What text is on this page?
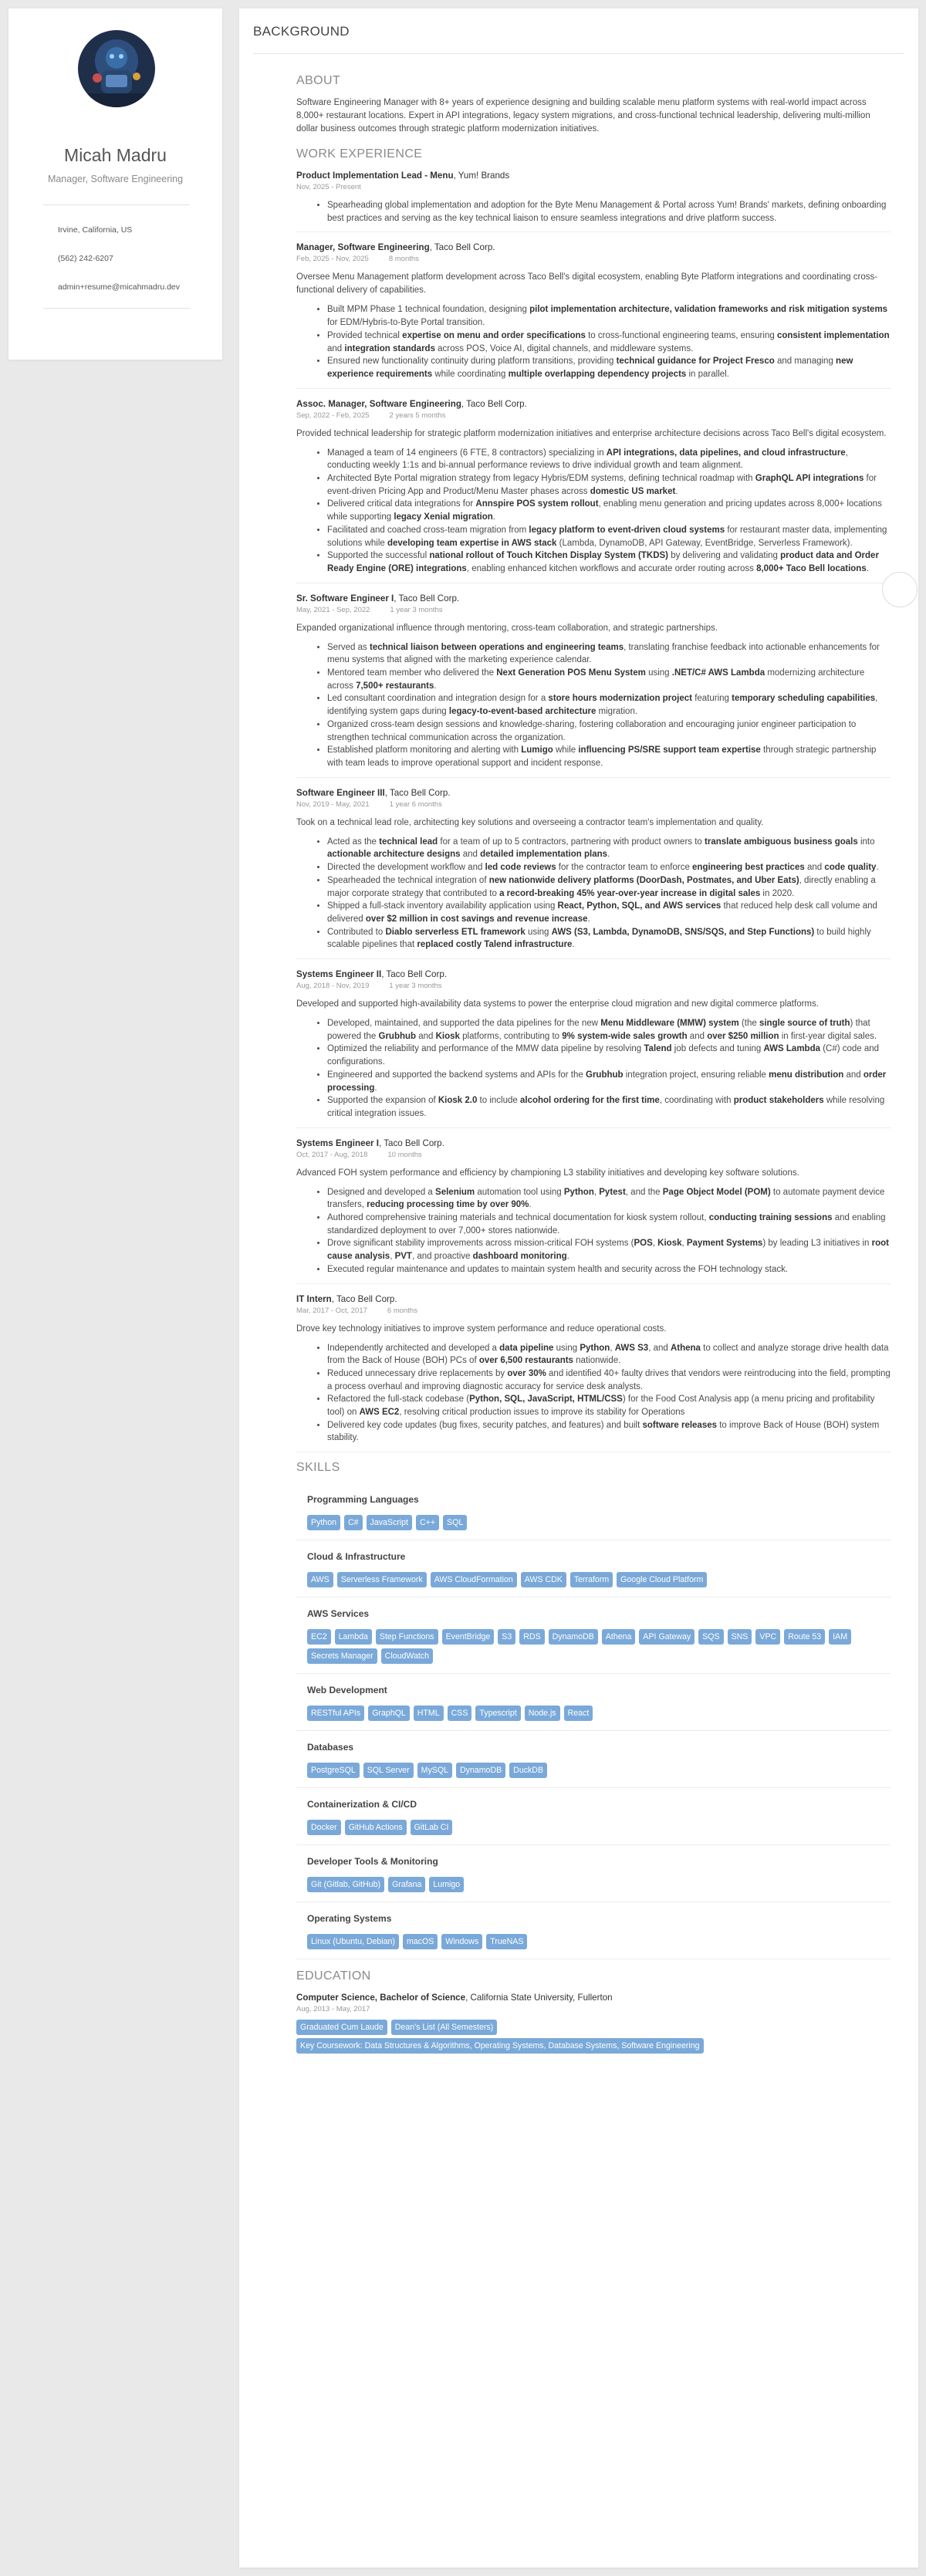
Micah Madru
Manager, Software Engineering
Irvine, California, US
(562) 242-6207
admin+resume@micahmadru.dev
BACKGROUND
ABOUT

Software Engineering Manager with 8+ years of experience designing and building scalable menu platform systems with real-world impact across 8,000+ restaurant locations. Expert in API integrations, legacy system migrations, and cross-functional technical leadership, delivering multi-million dollar business outcomes through strategic platform modernization initiatives.

WORK EXPERIENCE
Product Implementation Lead - Menu, Yum! Brands
Nov, 2025 - Present
• Spearheading global implementation and adoption for the Byte Menu Management & Portal across Yum! Brands' markets, defining onboarding best practices and serving as the key technical liaison to ensure seamless integrations and drive platform success.
Manager, Software Engineering, Taco Bell Corp.
Feb, 2025 - Nov, 2025	8 months

Oversee Menu Management platform development across Taco Bell's digital ecosystem, enabling Byte Platform integrations and coordinating cross-functional delivery of capabilities.

• Built MPM Phase 1 technical foundation, designing pilot implementation architecture, validation frameworks and risk mitigation systems for EDM/Hybris-to-Byte Portal transition.
• Provided technical expertise on menu and order specifications to cross-functional engineering teams, ensuring consistent implementation and integration standards across POS, Voice AI, digital channels, and middleware systems.
• Ensured new functionality continuity during platform transitions, providing technical guidance for Project Fresco and managing new experience requirements while coordinating multiple overlapping dependency projects in parallel.
Assoc. Manager, Software Engineering, Taco Bell Corp.
Sep, 2022 - Feb, 2025	2 years 5 months

Provided technical leadership for strategic platform modernization initiatives and enterprise architecture decisions across Taco Bell's digital ecosystem.

• Managed a team of 14 engineers (6 FTE, 8 contractors) specializing in API integrations, data pipelines, and cloud infrastructure, conducting weekly 1:1s and bi-annual performance reviews to drive individual growth and team alignment.
• Architected Byte Portal migration strategy from legacy Hybris/EDM systems, defining technical roadmap with GraphQL API integrations for event-driven Pricing App and Product/Menu Master phases across domestic US market.
• Delivered critical data integrations for Annspire POS system rollout, enabling menu generation and pricing updates across 8,000+ locations while supporting legacy Xenial migration.
• Facilitated and coached cross-team migration from legacy platform to event-driven cloud systems for restaurant master data, implementing solutions while developing team expertise in AWS stack (Lambda, DynamoDB, API Gateway, EventBridge, Serverless Framework).
• Supported the successful national rollout of Touch Kitchen Display System (TKDS) by delivering and validating product data and Order Ready Engine (ORE) integrations, enabling enhanced kitchen workflows and accurate order routing across 8,000+ Taco Bell locations.
Sr. Software Engineer I, Taco Bell Corp.
May, 2021 - Sep, 2022	1 year 3 months

Expanded organizational influence through mentoring, cross-team collaboration, and strategic partnerships.

• Served as technical liaison between operations and engineering teams, translating franchise feedback into actionable enhancements for menu systems that aligned with the marketing experience calendar.
• Mentored team member who delivered the Next Generation POS Menu System using .NET/C# AWS Lambda modernizing architecture across 7,500+ restaurants.
• Led consultant coordination and integration design for a store hours modernization project featuring temporary scheduling capabilities, identifying system gaps during legacy-to-event-based architecture migration.
• Organized cross-team design sessions and knowledge-sharing, fostering collaboration and encouraging junior engineer participation to strengthen technical communication across the organization.
• Established platform monitoring and alerting with Lumigo while influencing PS/SRE support team expertise through strategic partnership with team leads to improve operational support and incident response.
Software Engineer III, Taco Bell Corp.
Nov, 2019 - May, 2021	1 year 6 months

Took on a technical lead role, architecting key solutions and overseeing a contractor team's implementation and quality.

• Acted as the technical lead for a team of up to 5 contractors, partnering with product owners to translate ambiguous business goals into actionable architecture designs and detailed implementation plans.
• Directed the development workflow and led code reviews for the contractor team to enforce engineering best practices and code quality.
• Spearheaded the technical integration of new nationwide delivery platforms (DoorDash, Postmates, and Uber Eats), directly enabling a major corporate strategy that contributed to a record-breaking 45% year-over-year increase in digital sales in 2020.
• Shipped a full-stack inventory availability application using React, Python, SQL, and AWS services that reduced help desk call volume and delivered over $2 million in cost savings and revenue increase.
• Contributed to Diablo serverless ETL framework using AWS (S3, Lambda, DynamoDB, SNS/SQS, and Step Functions) to build highly scalable pipelines that replaced costly Talend infrastructure.
Systems Engineer II, Taco Bell Corp.
Aug, 2018 - Nov, 2019	1 year 3 months

Developed and supported high-availability data systems to power the enterprise cloud migration and new digital commerce platforms.

• Developed, maintained, and supported the data pipelines for the new Menu Middleware (MMW) system (the single source of truth) that powered the Grubhub and Kiosk platforms, contributing to 9% system-wide sales growth and over $250 million in first-year digital sales.
• Optimized the reliability and performance of the MMW data pipeline by resolving Talend job defects and tuning AWS Lambda (C#) code and configurations.
• Engineered and supported the backend systems and APIs for the Grubhub integration project, ensuring reliable menu distribution and order processing.
• Supported the expansion of Kiosk 2.0 to include alcohol ordering for the first time, coordinating with product stakeholders while resolving critical integration issues.
Systems Engineer I, Taco Bell Corp.
Oct, 2017 - Aug, 2018	10 months

Advanced FOH system performance and efficiency by championing L3 stability initiatives and developing key software solutions.

• Designed and developed a Selenium automation tool using Python, Pytest, and the Page Object Model (POM) to automate payment device transfers, reducing processing time by over 90%.
• Authored comprehensive training materials and technical documentation for kiosk system rollout, conducting training sessions and enabling standardized deployment to over 7,000+ stores nationwide.
• Drove significant stability improvements across mission-critical FOH systems (POS, Kiosk, Payment Systems) by leading L3 initiatives in root cause analysis, PVT, and proactive dashboard monitoring.
• Executed regular maintenance and updates to maintain system health and security across the FOH technology stack.
IT Intern, Taco Bell Corp.
Mar, 2017 - Oct, 2017	6 months

Drove key technology initiatives to improve system performance and reduce operational costs.

• Independently architected and developed a data pipeline using Python, AWS S3, and Athena to collect and analyze storage drive health data from the Back of House (BOH) PCs of over 6,500 restaurants nationwide.
• Reduced unnecessary drive replacements by over 30% and identified 40+ faulty drives that vendors were reintroducing into the field, prompting a process overhaul and improving diagnostic accuracy for service desk analysts.
• Refactored the full-stack codebase (Python, SQL, JavaScript, HTML/CSS) for the Food Cost Analysis app (a menu pricing and profitability tool) on AWS EC2, resolving critical production issues to improve its stability for Operations
• Delivered key code updates (bug fixes, security patches, and features) and built software releases to improve Back of House (BOH) system stability.
SKILLS
Programming Languages
Python	C#	JavaScript	C++	SQL
Cloud & Infrastructure
AWS	Serverless Framework	AWS CloudFormation	AWS CDK	Terraform	Google Cloud Platform
AWS Services
EC2	Lambda	Step Functions	EventBridge	S3	RDS	DynamoDB	Athena	API Gateway	SQS	SNS	VPC	Route 53	IAM
Secrets Manager	CloudWatch
Web Development
RESTful APIs	GraphQL	HTML	CSS	Typescript	Node.js	React
Databases
PostgreSQL	SQL Server	MySQL	DynamoDB	DuckDB
Containerization & CI/CD
Docker	GitHub Actions	GitLab CI
Developer Tools & Monitoring
Git (Gitlab, GitHub)	Grafana	Lumigo
Operating Systems
Linux (Ubuntu, Debian)	macOS	Windows	TrueNAS
EDUCATION
Computer Science, Bachelor of Science, California State University, Fullerton
Aug, 2013 - May, 2017
Graduated Cum Laude	Dean's List (All Semesters)
Key Coursework: Data Structures & Algorithms, Operating Systems, Database Systems, Software Engineering
